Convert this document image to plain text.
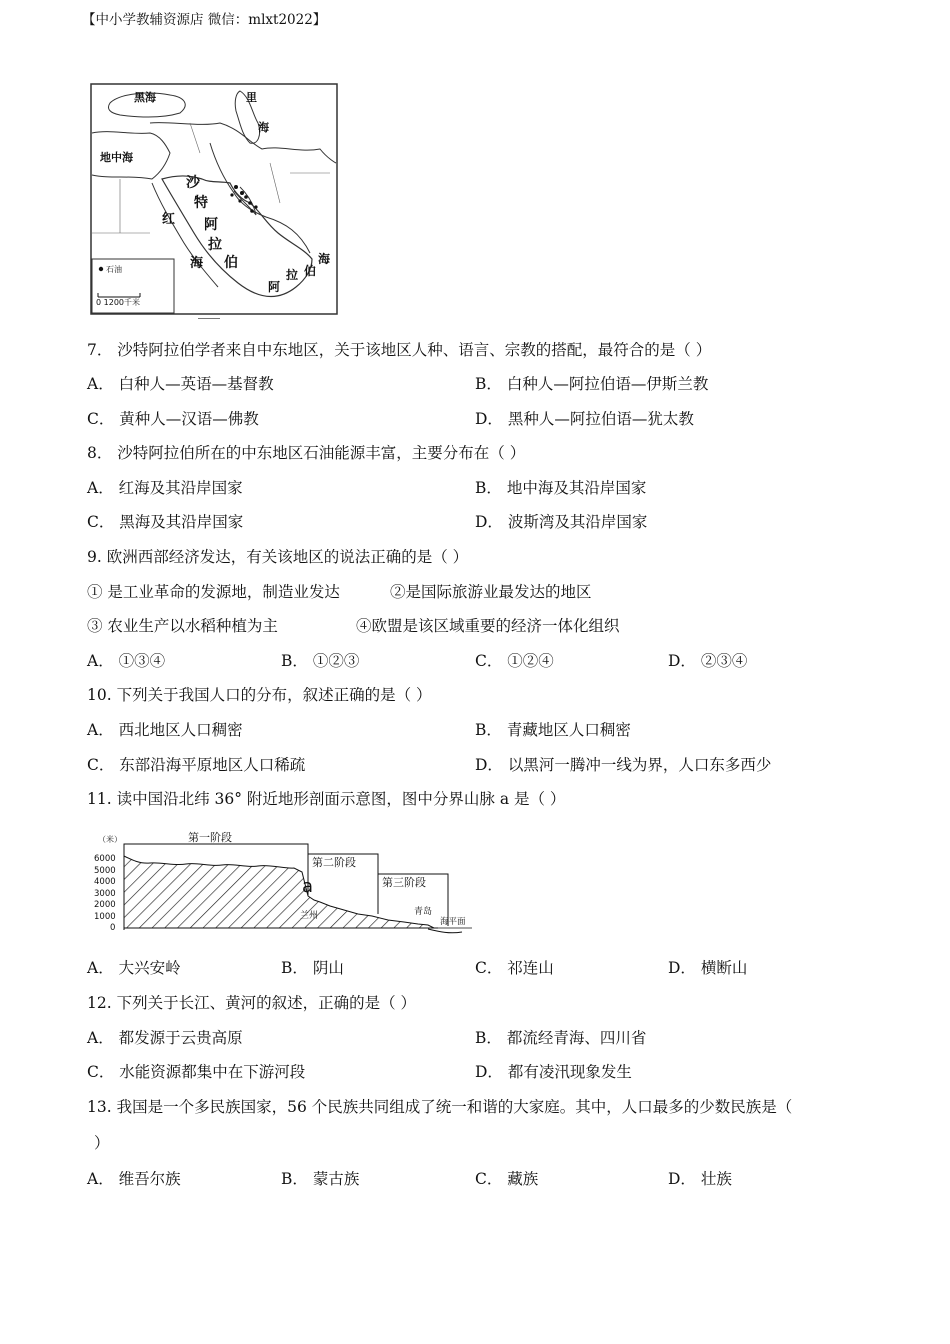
【中小学教辅资源店 微信：mlxt2022】
黑海	里
海
地中海
沙
特
阿
拉
伯
红
海
阿
拉 伯
海
石油
0 1200千米
7． 沙特阿拉伯学者来自中东地区，关于该地区人种、语言、宗教的搭配，最符合的是（ ）
A． 白种人—英语—基督教	B． 白种人—阿拉伯语—伊斯兰教
C． 黄种人—汉语—佛教	D． 黑种人—阿拉伯语—犹太教
8． 沙特阿拉伯所在的中东地区石油能源丰富，主要分布在（ ）
A． 红海及其沿岸国家	B． 地中海及其沿岸国家
C． 黑海及其沿岸国家	D． 波斯湾及其沿岸国家
9. 欧洲西部经济发达，有关该地区的说法正确的是（ ）
① 是工业革命的发源地，制造业发达	②是国际旅游业最发达的地区
③ 农业生产以水稻种植为主	④欧盟是该区域重要的经济一体化组织
A． ①③④	B． ①②③	C． ①②④	D． ②③④
10. 下列关于我国人口的分布，叙述正确的是（ ）
A． 西北地区人口稠密	B． 青藏地区人口稠密
C． 东部沿海平原地区人口稀疏	D． 以黑河一腾冲一线为界，人口东多西少
11. 读中国沿北纬 36° 附近地形剖面示意图，图中分界山脉 a 是（ ）
（米）
6000
5000
4000
3000
2000
1000
0
第一阶段
第二阶段
第三阶段
a
兰州	青岛
海平面
A． 大兴安岭	B． 阴山	C． 祁连山	D． 横断山
12. 下列关于长江、黄河的叙述，正确的是（ ）
A． 都发源于云贵高原	B． 都流经青海、四川省
C． 水能资源都集中在下游河段	D． 都有凌汛现象发生
13. 我国是一个多民族国家，56 个民族共同组成了统一和谐的大家庭。其中，人口最多的少数民族是（
）
A． 维吾尔族	B． 蒙古族	C． 藏族	D． 壮族
